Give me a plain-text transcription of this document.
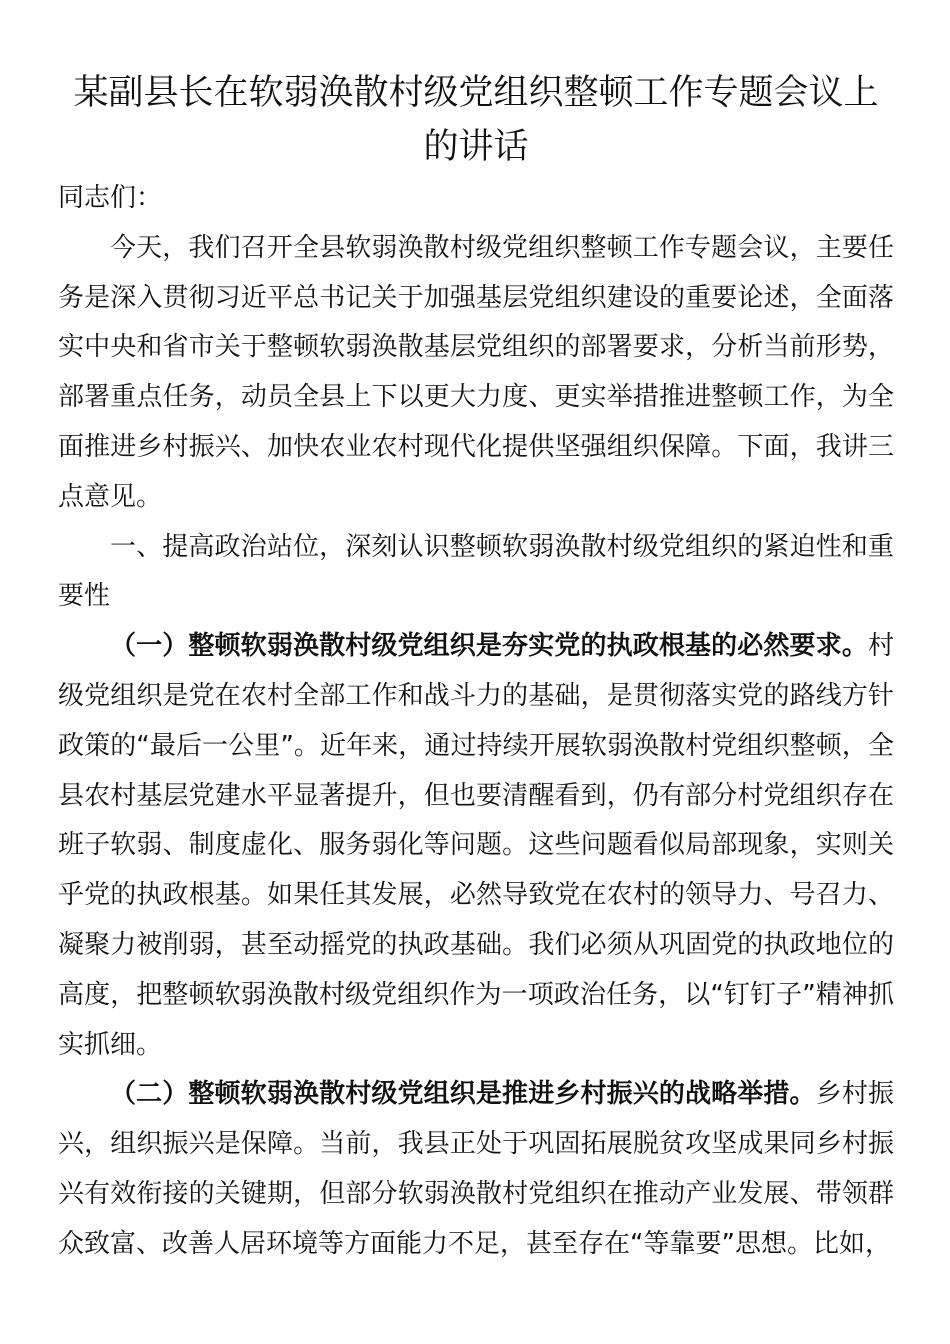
某副县长在软弱涣散村级党组织整顿工作专题会议上的讲话

同志们：

今天，我们召开全县软弱涣散村级党组织整顿工作专题会议，主要任务是深入贯彻习近平总书记关于加强基层党组织建设的重要论述，全面落实中央和省市关于整顿软弱涣散基层党组织的部署要求，分析当前形势，部署重点任务，动员全县上下以更大力度、更实举措推进整顿工作，为全面推进乡村振兴、加快农业农村现代化提供坚强组织保障。下面，我讲三点意见。

一、提高政治站位，深刻认识整顿软弱涣散村级党组织的紧迫性和重要性

（一）整顿软弱涣散村级党组织是夯实党的执政根基的必然要求。村级党组织是党在农村全部工作和战斗力的基础，是贯彻落实党的路线方针政策的“最后一公里”。近年来，通过持续开展软弱涣散村党组织整顿，全县农村基层党建水平显著提升，但也要清醒看到，仍有部分村党组织存在班子软弱、制度虚化、服务弱化等问题。这些问题看似局部现象，实则关乎党的执政根基。如果任其发展，必然导致党在农村的领导力、号召力、凝聚力被削弱，甚至动摇党的执政基础。我们必须从巩固党的执政地位的高度，把整顿软弱涣散村级党组织作为一项政治任务，以“钉钉子”精神抓实抓细。

（二）整顿软弱涣散村级党组织是推进乡村振兴的战略举措。乡村振兴，组织振兴是保障。当前，我县正处于巩固拓展脱贫攻坚成果同乡村振兴有效衔接的关键期，但部分软弱涣散村党组织在推动产业发展、带领群众致富、改善人居环境等方面能力不足，甚至存在“等靠要”思想。比如，
